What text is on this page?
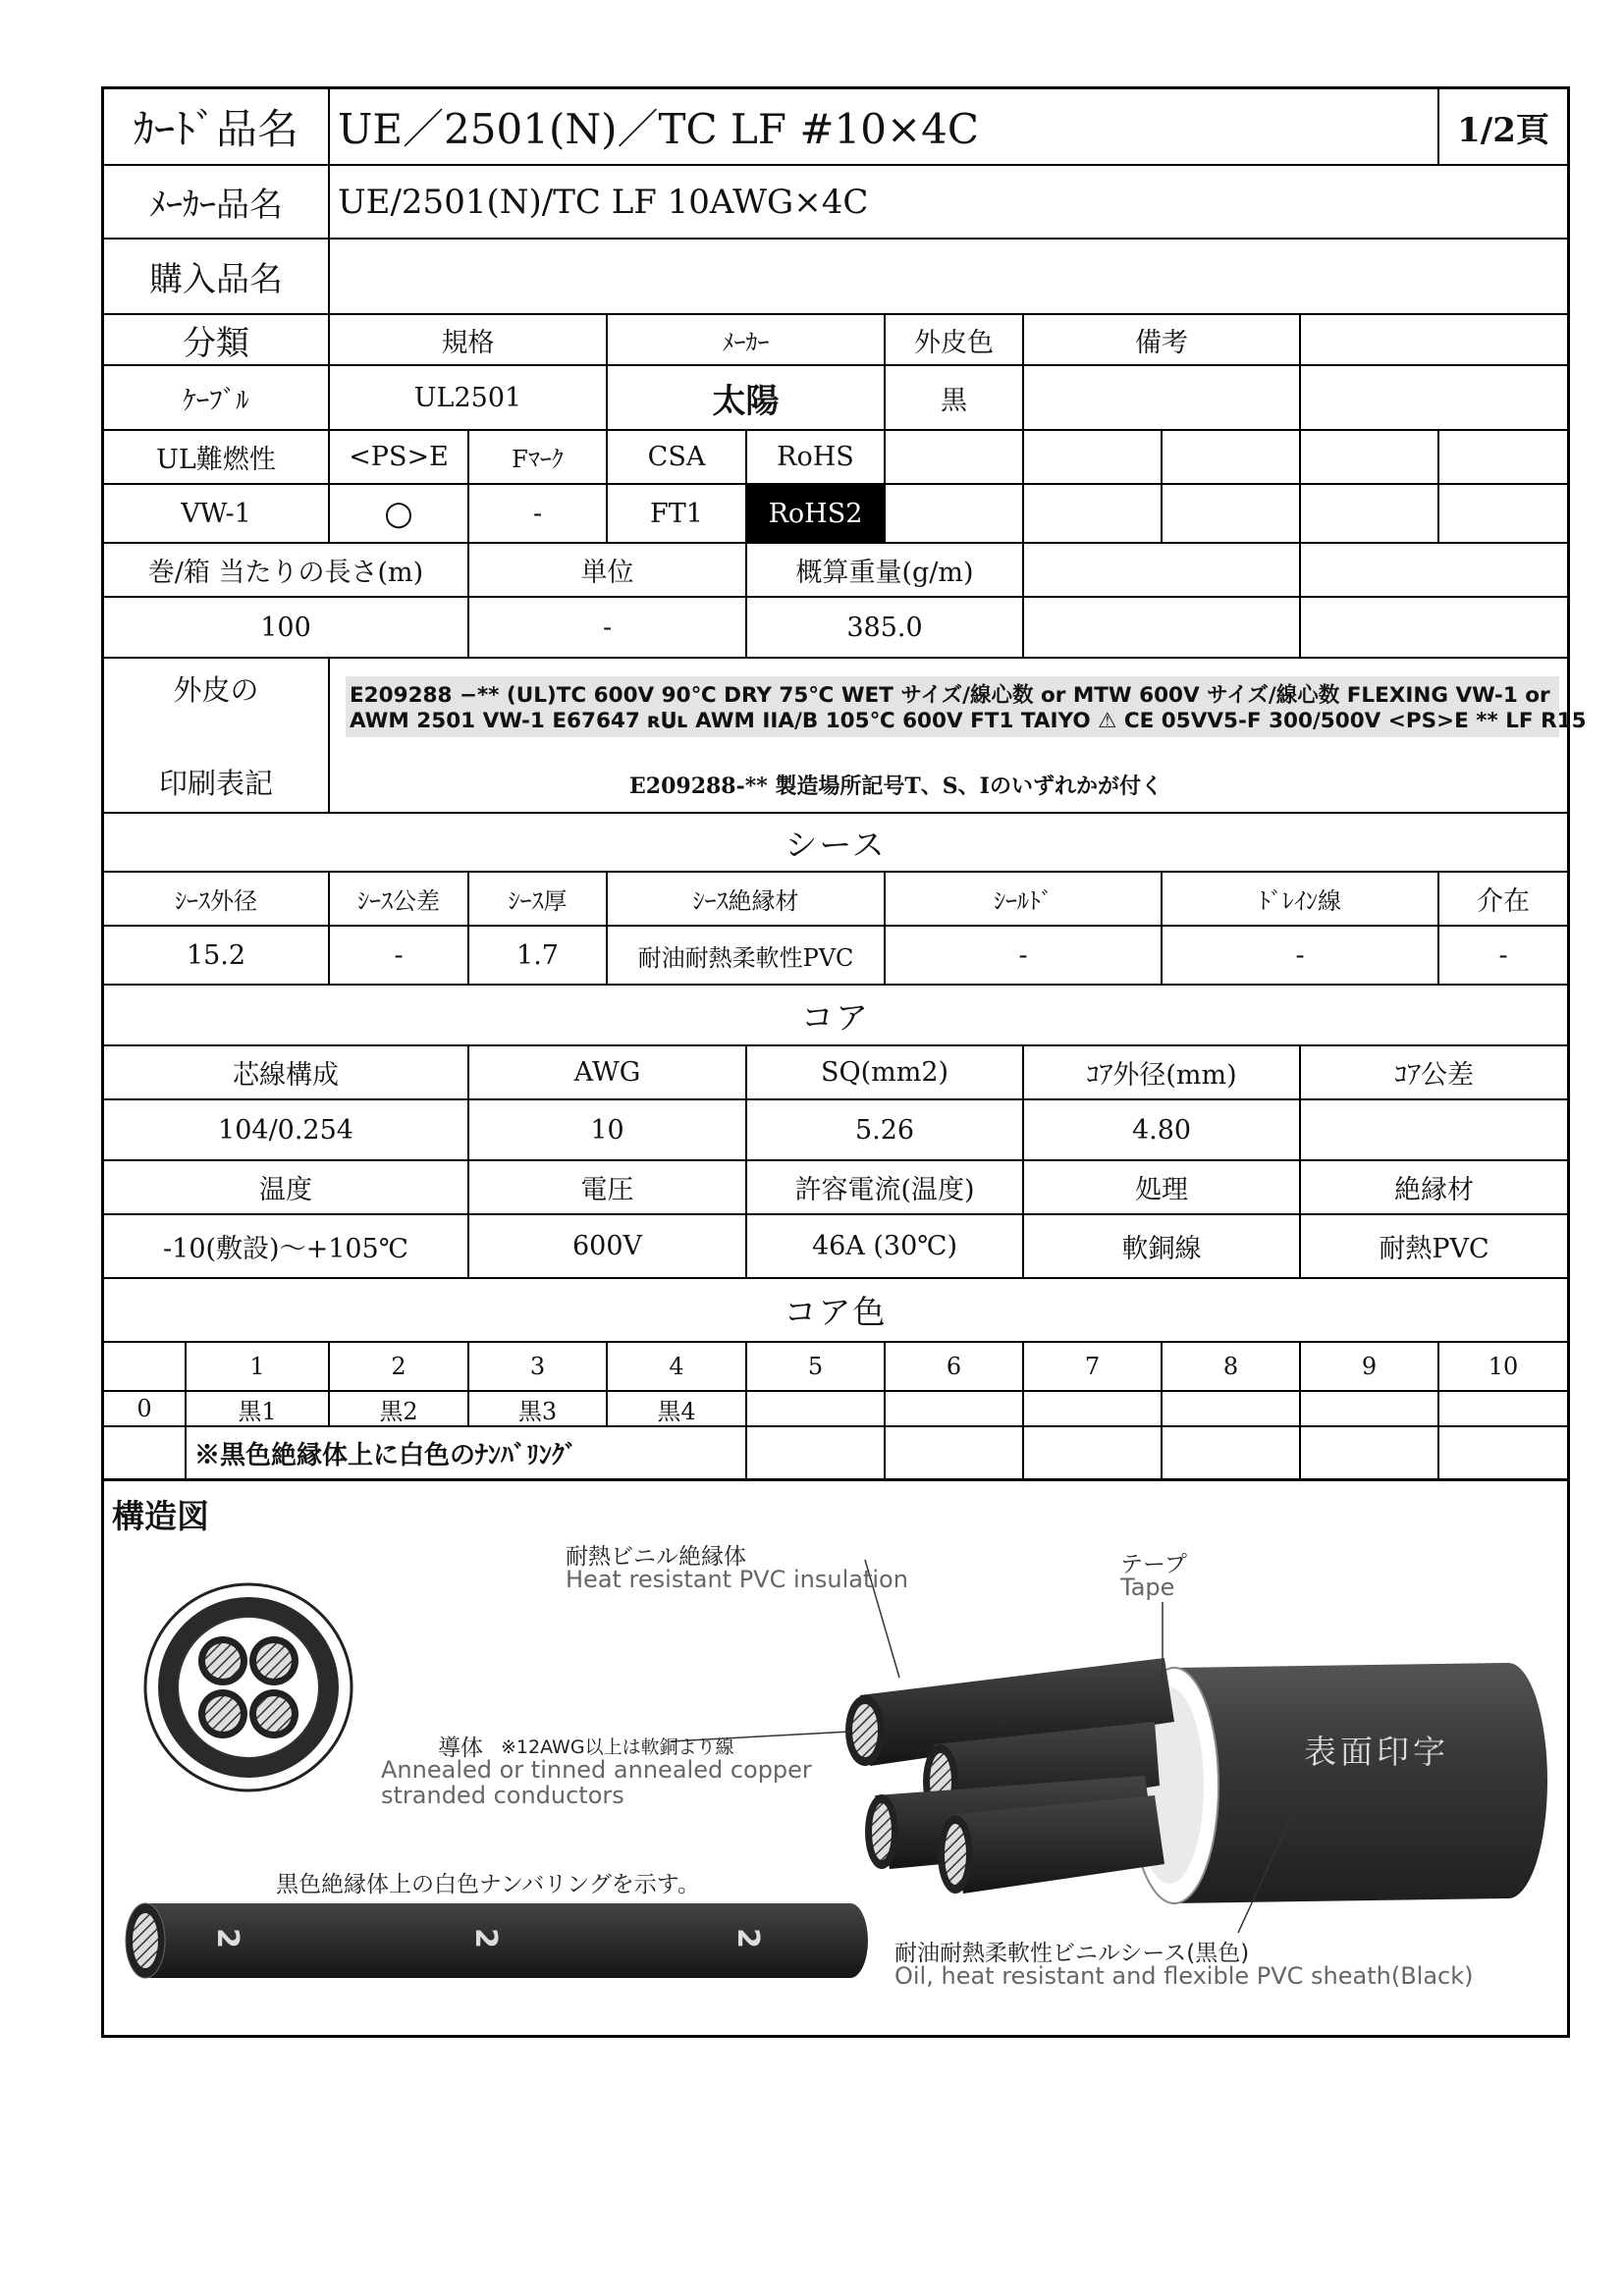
ｶｰﾄﾞ品名 UE／2501(N)／TC LF #10×4C	1/2頁
ﾒｰｶｰ品名	UE/2501(N)/TC LF 10AWG×4C
購入品名
分類	規格	ﾒｰｶｰ	外皮色	備考
ｹｰﾌﾞﾙ	UL2501	太陽	黒
UL難燃性	<PS>E	Fﾏｰｸ	CSA	RoHS
VW-1	○	-	FT1	RoHS2
巻/箱 当たりの長さ(m)	単位	概算重量(g/m)
100	-	385.0
外皮の
印刷表記
E209288 −** (UL)TC 600V 90℃ DRY 75℃ WET サイズ/線心数 or MTW 600V サイズ/線心数 FLEXING VW-1 or
AWM 2501 VW-1 E67647 ʀ𝐔ʟ AWM IIA/B 105℃ 600V FT1 TAIYO ⚠ CE 05VV5-F 300/500V <PS>E ** LF R15
E209288-** 製造場所記号T、S、Iのいずれかが付く
シース
ｼｰｽ外径	ｼｰｽ公差	ｼｰｽ厚	ｼｰｽ絶縁材	ｼｰﾙﾄﾞ	ﾄﾞﾚｲﾝ線	介在
15.2	-	1.7	耐油耐熱柔軟性PVC	-	-	-
コア
芯線構成	AWG	SQ(mm2)	ｺｱ外径(mm)	ｺｱ公差
104/0.254	10	5.26	4.80
温度	電圧	許容電流(温度)	処理	絶縁材
-10(敷設)～+105℃	600V	46A (30℃)	軟銅線	耐熱PVC
コア色
1	2	3	4	5	6	7	8	9	10
0	黒1	黒2	黒3	黒4
※黒色絶縁体上に白色のﾅﾝﾊﾞﾘﾝｸﾞ
構造図
耐熱ビニル絶縁体
Heat resistant PVC insulation
テープ
Tape
導体 ※12AWG以上は軟銅より線
Annealed or tinned annealed copper
stranded conductors
表面印字
黒色絶縁体上の白色ナンバリングを示す。
2	2	2
耐油耐熱柔軟性ビニルシース(黒色)
Oil, heat resistant and flexible PVC sheath(Black)
